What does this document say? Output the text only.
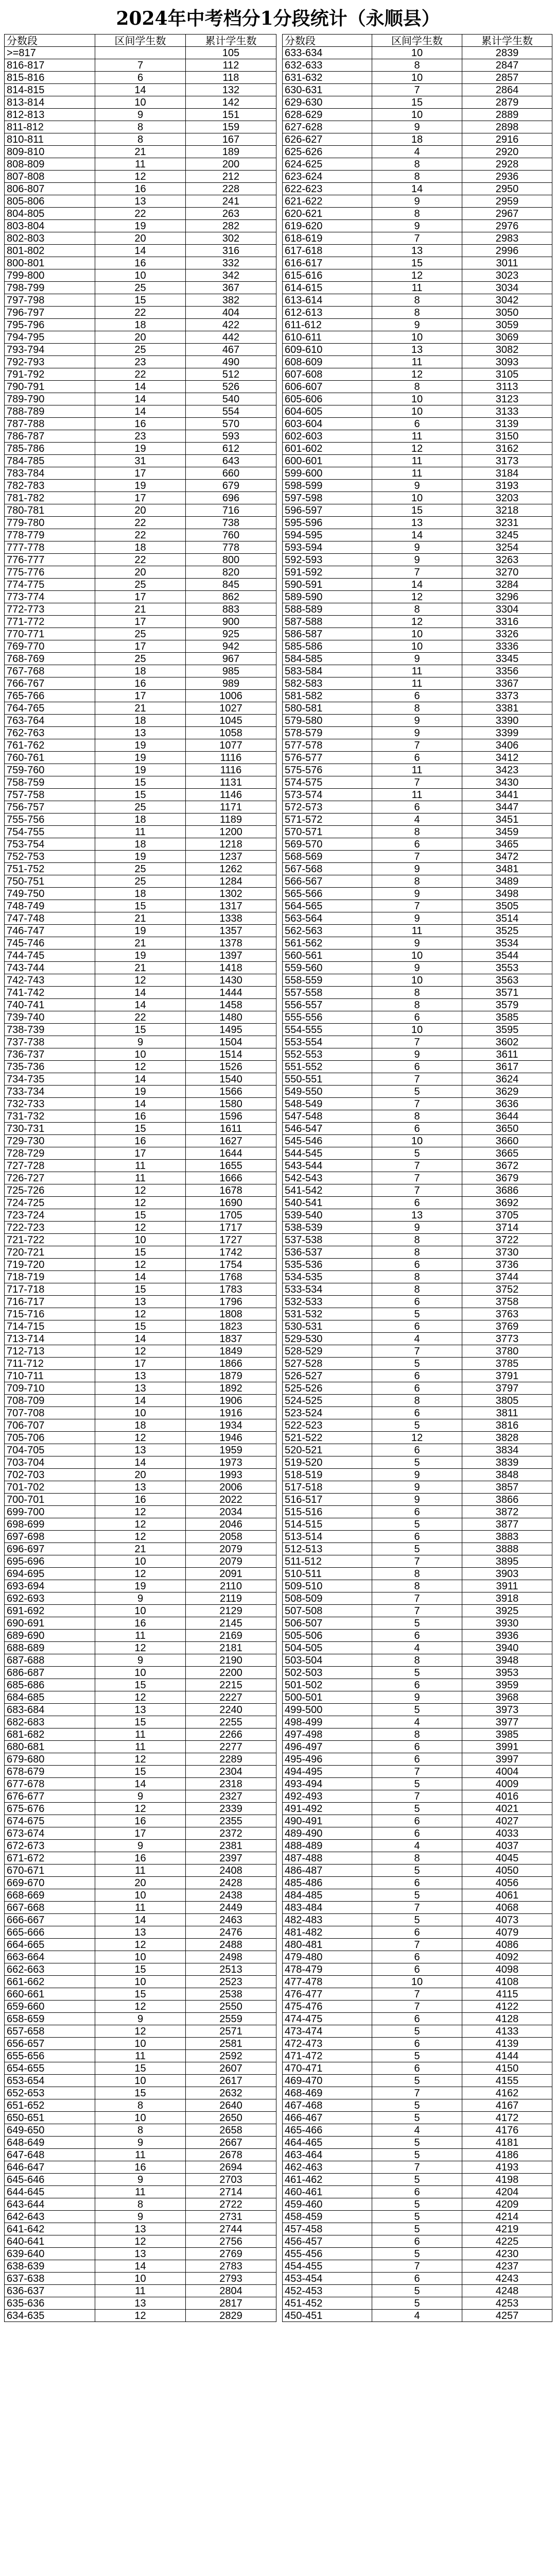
2024年中考档分1分段统计（永顺县）
分数段	区间学生数	累计学生数
>=817		105
816-817	7	112
815-816	6	118
814-815	14	132
813-814	10	142
812-813	9	151
811-812	8	159
810-811	8	167
809-810	21	189
808-809	11	200
807-808	12	212
806-807	16	228
805-806	13	241
804-805	22	263
803-804	19	282
802-803	20	302
801-802	14	316
800-801	16	332
799-800	10	342
798-799	25	367
797-798	15	382
796-797	22	404
795-796	18	422
794-795	20	442
793-794	25	467
792-793	23	490
791-792	22	512
790-791	14	526
789-790	14	540
788-789	14	554
787-788	16	570
786-787	23	593
785-786	19	612
784-785	31	643
783-784	17	660
782-783	19	679
781-782	17	696
780-781	20	716
779-780	22	738
778-779	22	760
777-778	18	778
776-777	22	800
775-776	20	820
774-775	25	845
773-774	17	862
772-773	21	883
771-772	17	900
770-771	25	925
769-770	17	942
768-769	25	967
767-768	18	985
766-767	16	989
765-766	17	1006
764-765	21	1027
763-764	18	1045
762-763	13	1058
761-762	19	1077
760-761	19	1116
759-760	19	1116
758-759	15	1131
757-758	15	1146
756-757	25	1171
755-756	18	1189
754-755	11	1200
753-754	18	1218
752-753	19	1237
751-752	25	1262
750-751	25	1284
749-750	18	1302
748-749	15	1317
747-748	21	1338
746-747	19	1357
745-746	21	1378
744-745	19	1397
743-744	21	1418
742-743	12	1430
741-742	14	1444
740-741	14	1458
739-740	22	1480
738-739	15	1495
737-738	9	1504
736-737	10	1514
735-736	12	1526
734-735	14	1540
733-734	19	1566
732-733	14	1580
731-732	16	1596
730-731	15	1611
729-730	16	1627
728-729	17	1644
727-728	11	1655
726-727	11	1666
725-726	12	1678
724-725	12	1690
723-724	15	1705
722-723	12	1717
721-722	10	1727
720-721	15	1742
719-720	12	1754
718-719	14	1768
717-718	15	1783
716-717	13	1796
715-716	12	1808
714-715	15	1823
713-714	14	1837
712-713	12	1849
711-712	17	1866
710-711	13	1879
709-710	13	1892
708-709	14	1906
707-708	10	1916
706-707	18	1934
705-706	12	1946
704-705	13	1959
703-704	14	1973
702-703	20	1993
701-702	13	2006
700-701	16	2022
699-700	12	2034
698-699	12	2046
697-698	12	2058
696-697	21	2079
695-696	10	2079
694-695	12	2091
693-694	19	2110
692-693	9	2119
691-692	10	2129
690-691	16	2145
689-690	11	2169
688-689	12	2181
687-688	9	2190
686-687	10	2200
685-686	15	2215
684-685	12	2227
683-684	13	2240
682-683	15	2255
681-682	11	2266
680-681	11	2277
679-680	12	2289
678-679	15	2304
677-678	14	2318
676-677	9	2327
675-676	12	2339
674-675	16	2355
673-674	17	2372
672-673	9	2381
671-672	16	2397
670-671	11	2408
669-670	20	2428
668-669	10	2438
667-668	11	2449
666-667	14	2463
665-666	13	2476
664-665	12	2488
663-664	10	2498
662-663	15	2513
661-662	10	2523
660-661	15	2538
659-660	12	2550
658-659	9	2559
657-658	12	2571
656-657	10	2581
655-656	11	2592
654-655	15	2607
653-654	10	2617
652-653	15	2632
651-652	8	2640
650-651	10	2650
649-650	8	2658
648-649	9	2667
647-648	11	2678
646-647	16	2694
645-646	9	2703
644-645	11	2714
643-644	8	2722
642-643	9	2731
641-642	13	2744
640-641	12	2756
639-640	13	2769
638-639	14	2783
637-638	10	2793
636-637	11	2804
635-636	13	2817
634-635	12	2829
分数段	区间学生数	累计学生数
633-634	10	2839
632-633	8	2847
631-632	10	2857
630-631	7	2864
629-630	15	2879
628-629	10	2889
627-628	9	2898
626-627	18	2916
625-626	4	2920
624-625	8	2928
623-624	8	2936
622-623	14	2950
621-622	9	2959
620-621	8	2967
619-620	9	2976
618-619	7	2983
617-618	13	2996
616-617	15	3011
615-616	12	3023
614-615	11	3034
613-614	8	3042
612-613	8	3050
611-612	9	3059
610-611	10	3069
609-610	13	3082
608-609	11	3093
607-608	12	3105
606-607	8	3113
605-606	10	3123
604-605	10	3133
603-604	6	3139
602-603	11	3150
601-602	12	3162
600-601	11	3173
599-600	11	3184
598-599	9	3193
597-598	10	3203
596-597	15	3218
595-596	13	3231
594-595	14	3245
593-594	9	3254
592-593	9	3263
591-592	7	3270
590-591	14	3284
589-590	12	3296
588-589	8	3304
587-588	12	3316
586-587	10	3326
585-586	10	3336
584-585	9	3345
583-584	11	3356
582-583	11	3367
581-582	6	3373
580-581	8	3381
579-580	9	3390
578-579	9	3399
577-578	7	3406
576-577	6	3412
575-576	11	3423
574-575	7	3430
573-574	11	3441
572-573	6	3447
571-572	4	3451
570-571	8	3459
569-570	6	3465
568-569	7	3472
567-568	9	3481
566-567	8	3489
565-566	9	3498
564-565	7	3505
563-564	9	3514
562-563	11	3525
561-562	9	3534
560-561	10	3544
559-560	9	3553
558-559	10	3563
557-558	8	3571
556-557	8	3579
555-556	6	3585
554-555	10	3595
553-554	7	3602
552-553	9	3611
551-552	6	3617
550-551	7	3624
549-550	5	3629
548-549	7	3636
547-548	8	3644
546-547	6	3650
545-546	10	3660
544-545	5	3665
543-544	7	3672
542-543	7	3679
541-542	7	3686
540-541	6	3692
539-540	13	3705
538-539	9	3714
537-538	8	3722
536-537	8	3730
535-536	6	3736
534-535	8	3744
533-534	8	3752
532-533	6	3758
531-532	5	3763
530-531	6	3769
529-530	4	3773
528-529	7	3780
527-528	5	3785
526-527	6	3791
525-526	6	3797
524-525	8	3805
523-524	6	3811
522-523	5	3816
521-522	12	3828
520-521	6	3834
519-520	5	3839
518-519	9	3848
517-518	9	3857
516-517	9	3866
515-516	6	3872
514-515	5	3877
513-514	6	3883
512-513	5	3888
511-512	7	3895
510-511	8	3903
509-510	8	3911
508-509	7	3918
507-508	7	3925
506-507	5	3930
505-506	6	3936
504-505	4	3940
503-504	8	3948
502-503	5	3953
501-502	6	3959
500-501	9	3968
499-500	5	3973
498-499	4	3977
497-498	8	3985
496-497	6	3991
495-496	6	3997
494-495	7	4004
493-494	5	4009
492-493	7	4016
491-492	5	4021
490-491	6	4027
489-490	6	4033
488-489	4	4037
487-488	8	4045
486-487	5	4050
485-486	6	4056
484-485	5	4061
483-484	7	4068
482-483	5	4073
481-482	6	4079
480-481	7	4086
479-480	6	4092
478-479	6	4098
477-478	10	4108
476-477	7	4115
475-476	7	4122
474-475	6	4128
473-474	5	4133
472-473	6	4139
471-472	5	4144
470-471	6	4150
469-470	5	4155
468-469	7	4162
467-468	5	4167
466-467	5	4172
465-466	4	4176
464-465	5	4181
463-464	5	4186
462-463	7	4193
461-462	5	4198
460-461	6	4204
459-460	5	4209
458-459	5	4214
457-458	5	4219
456-457	6	4225
455-456	5	4230
454-455	7	4237
453-454	6	4243
452-453	5	4248
451-452	5	4253
450-451	4	4257
